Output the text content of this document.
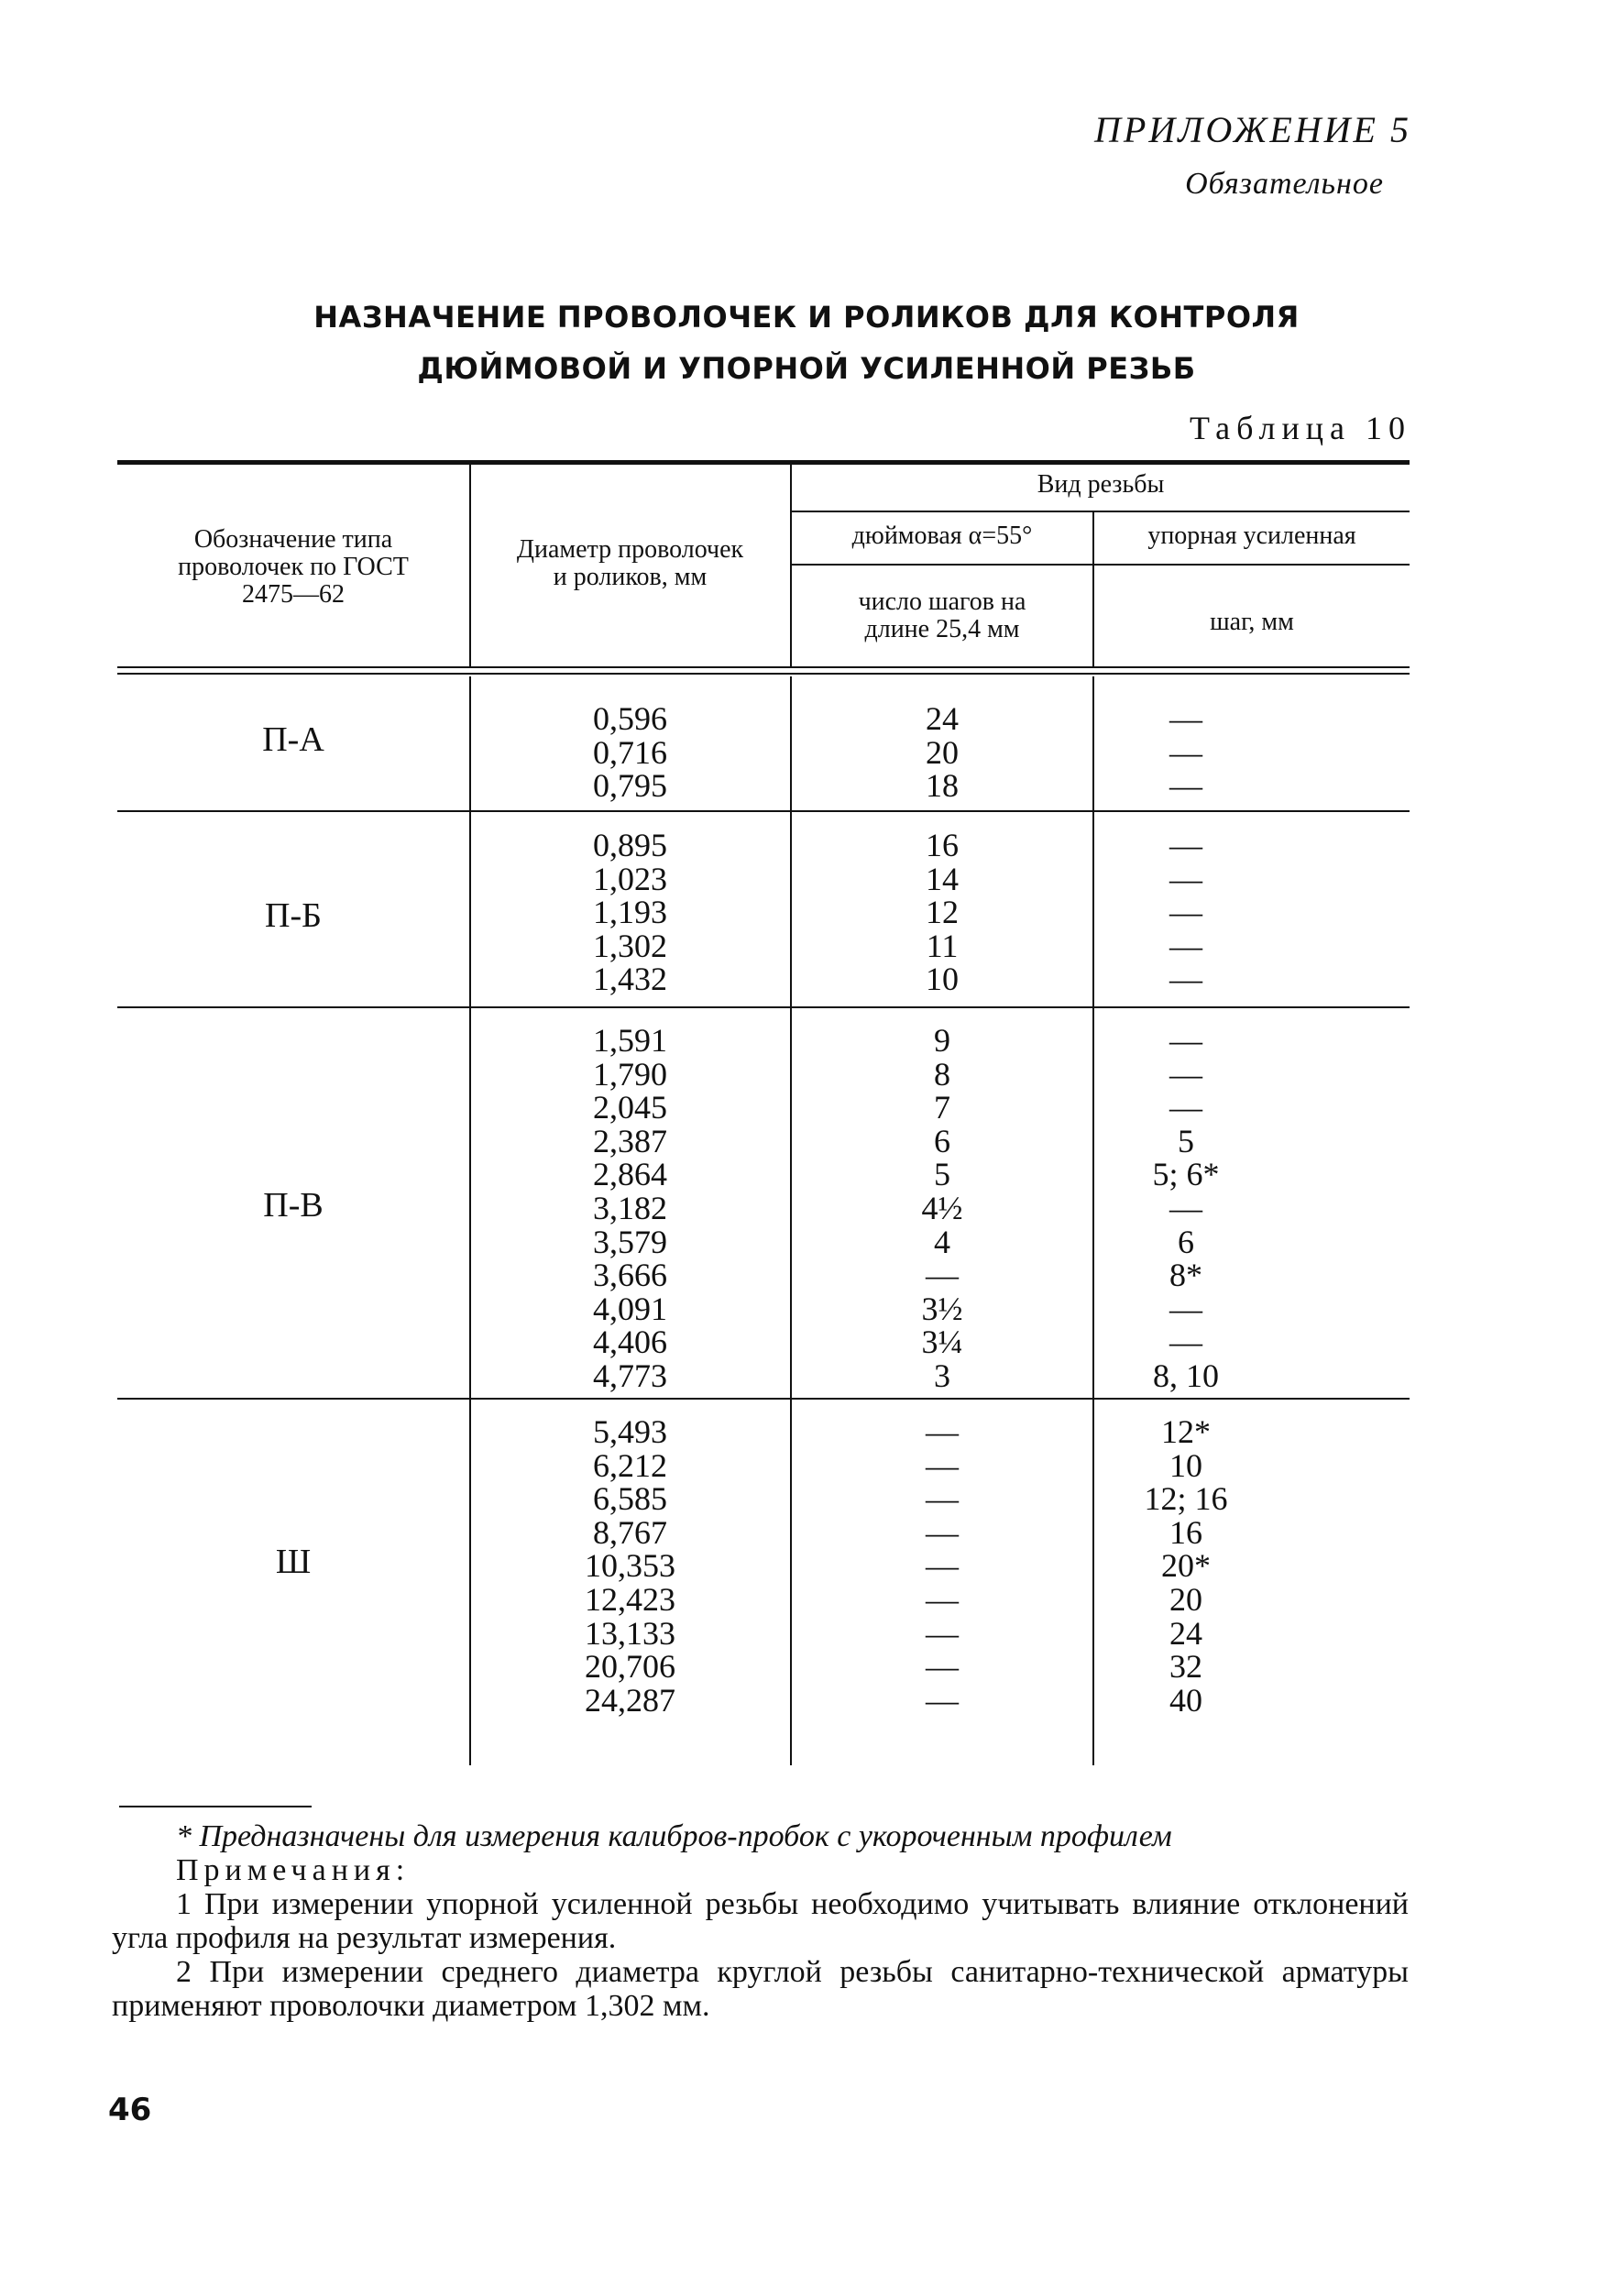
ПРИЛОЖЕНИЕ 5
Обязательное
НАЗНАЧЕНИЕ ПРОВОЛОЧЕК И РОЛИКОВ ДЛЯ КОНТРОЛЯ
ДЮЙМОВОЙ И УПОРНОЙ УСИЛЕННОЙ РЕЗЬБ
Таблица 10
Обозначение типа
проволочек по ГОСТ
2475—62
Диаметр проволочек
и роликов, мм
Вид резьбы
дюймовая α=55°	упорная усиленная
число шагов на
длине 25,4 мм	шаг, мм
П-А
0,596	24	—
0,716	20	—
0,795	18	—
П-Б
0,895	16	—
1,023	14	—
1,193	12	—
1,302	11	—
1,432	10	—
П-В
1,591	9	—
1,790	8	—
2,045	7	—
2,387	6	5
2,864	5	5; 6*
3,182	4½	—
3,579	4	6
3,666	—	8*
4,091	3½	—
4,406	3¼	—
4,773	3	8, 10
Ш
5,493	—	12*
6,212	—	10
6,585	—	12; 16
8,767	—	16
10,353	—	20*
12,423	—	20
13,133	—	24
20,706	—	32
24,287	—	40

* Предназначены для измерения калибров-пробок с укороченным профилем

Примечания:

1 При измерении упорной усиленной резьбы необходимо учитывать влияние отклонений угла профиля на результат измерения.

2 При измерении среднего диаметра круглой резьбы санитарно-технической арматуры применяют проволочки диаметром 1,302 мм.

46
